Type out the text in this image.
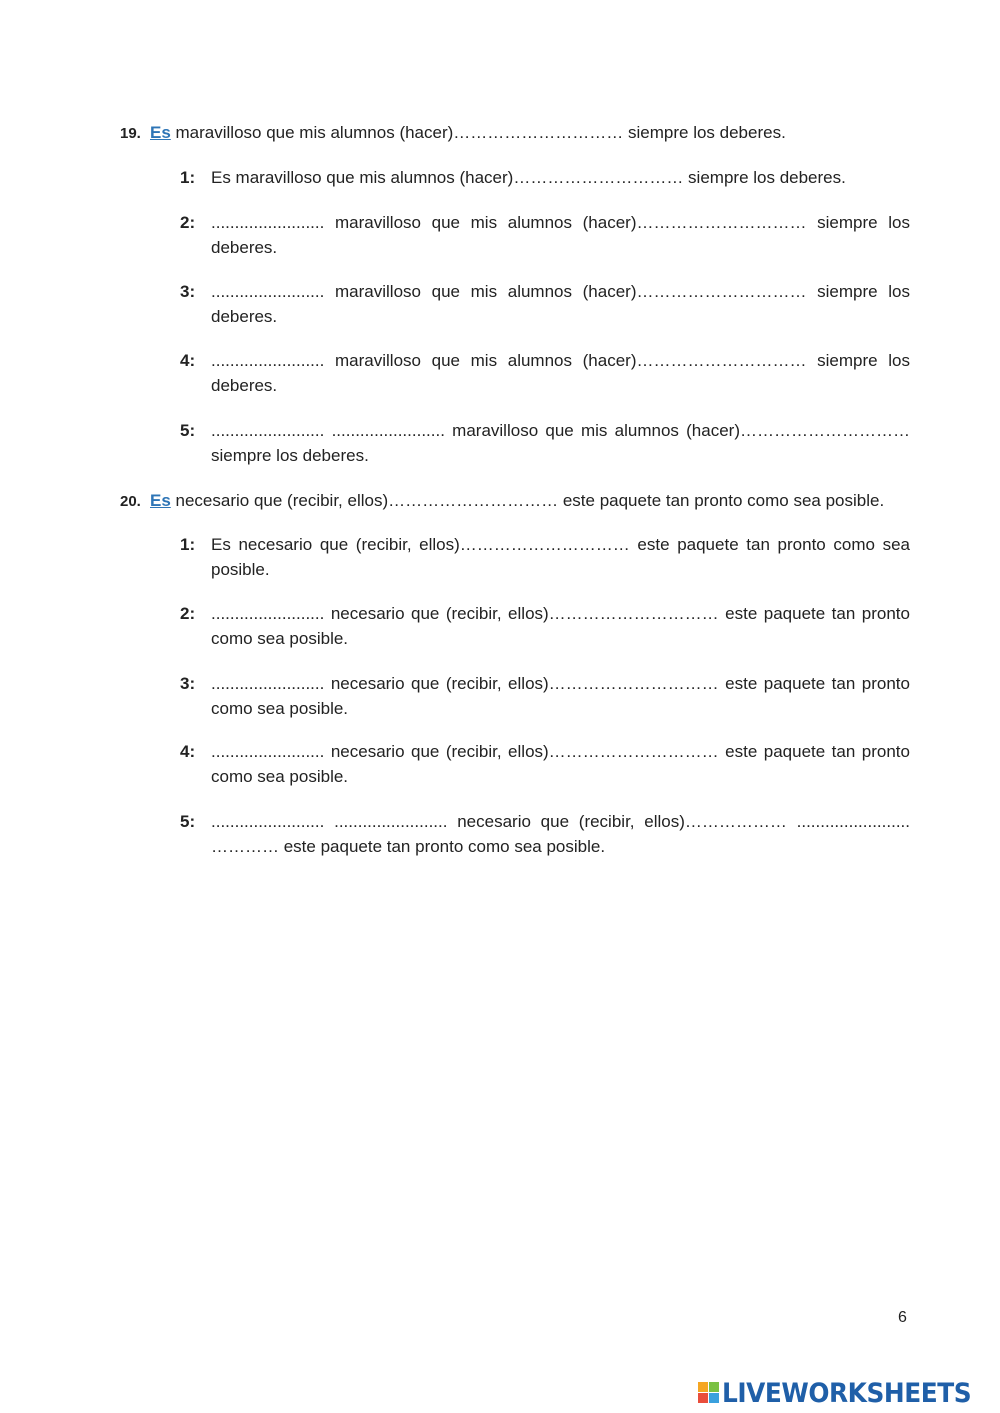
19. Es maravilloso que mis alumnos (hacer)………………………… siempre los deberes.
1: Es maravilloso que mis alumnos (hacer)………………………… siempre los deberes.
2: ........................ maravilloso que mis alumnos (hacer)………………………… siempre los deberes.
3: ........................ maravilloso que mis alumnos (hacer)………………………… siempre los deberes.
4: ........................ maravilloso que mis alumnos (hacer)………………………… siempre los deberes.
5: ........................ ........................ maravilloso que mis alumnos (hacer)………………………… siempre los deberes.
20. Es necesario que (recibir, ellos)………………………… este paquete tan pronto como sea posible.
1: Es necesario que (recibir, ellos)………………………… este paquete tan pronto como sea posible.
2: ........................ necesario que (recibir, ellos)………………………… este paquete tan pronto como sea posible.
3: ........................ necesario que (recibir, ellos)………………………… este paquete tan pronto como sea posible.
4: ........................ necesario que (recibir, ellos)………………………… este paquete tan pronto como sea posible.
5: ........................ ........................ necesario que (recibir, ellos)……………… ........................ ………… este paquete tan pronto como sea posible.
6
LIVEWORKSHEETS
